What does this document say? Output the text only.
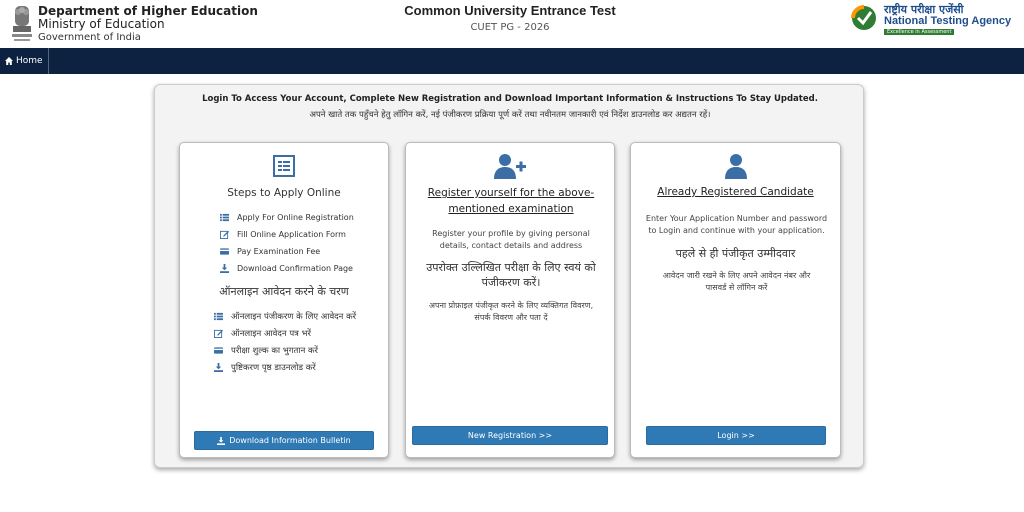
Department of Higher Education
Ministry of Education
Government of India
Common University Entrance Test
CUET PG - 2026
राष्ट्रीय परीक्षा एजेंसी
National Testing Agency
Excellence in Assessment
Home
Login To Access Your Account, Complete New Registration and Download Important Information & Instructions To Stay Updated.
अपने खाते तक पहुँचने हेतु लॉगिन करें, नई पंजीकरण प्रक्रिया पूर्ण करें तथा नवीनतम जानकारी एवं निर्देश डाउनलोड कर अद्यतन रहें।
Steps to Apply Online
Apply For Online Registration
Fill Online Application Form
Pay Examination Fee
Download Confirmation Page
ऑनलाइन आवेदन करने के चरण
ऑनलाइन पंजीकरण के लिए आवेदन करें
ऑनलाइन आवेदन पत्र भरें
परीक्षा शुल्क का भुगतान करें
पुष्टिकरण पृष्ठ डाउनलोड करें
Download Information Bulletin
Register yourself for the above-mentioned examination
Register your profile by giving personal details, contact details and address
उपरोक्त उल्लिखित परीक्षा के लिए स्वयं को पंजीकरण करें।
अपना प्रोफ़ाइल पंजीकृत करने के लिए व्यक्तिगत विवरण, संपर्क विवरण और पता दें
New Registration >>
Already Registered Candidate
Enter Your Application Number and password to Login and continue with your application.
पहले से ही पंजीकृत उम्मीदवार
आवेदन जारी रखने के लिए अपने आवेदन नंबर और पासवर्ड से लॉगिन करें
Login >>
